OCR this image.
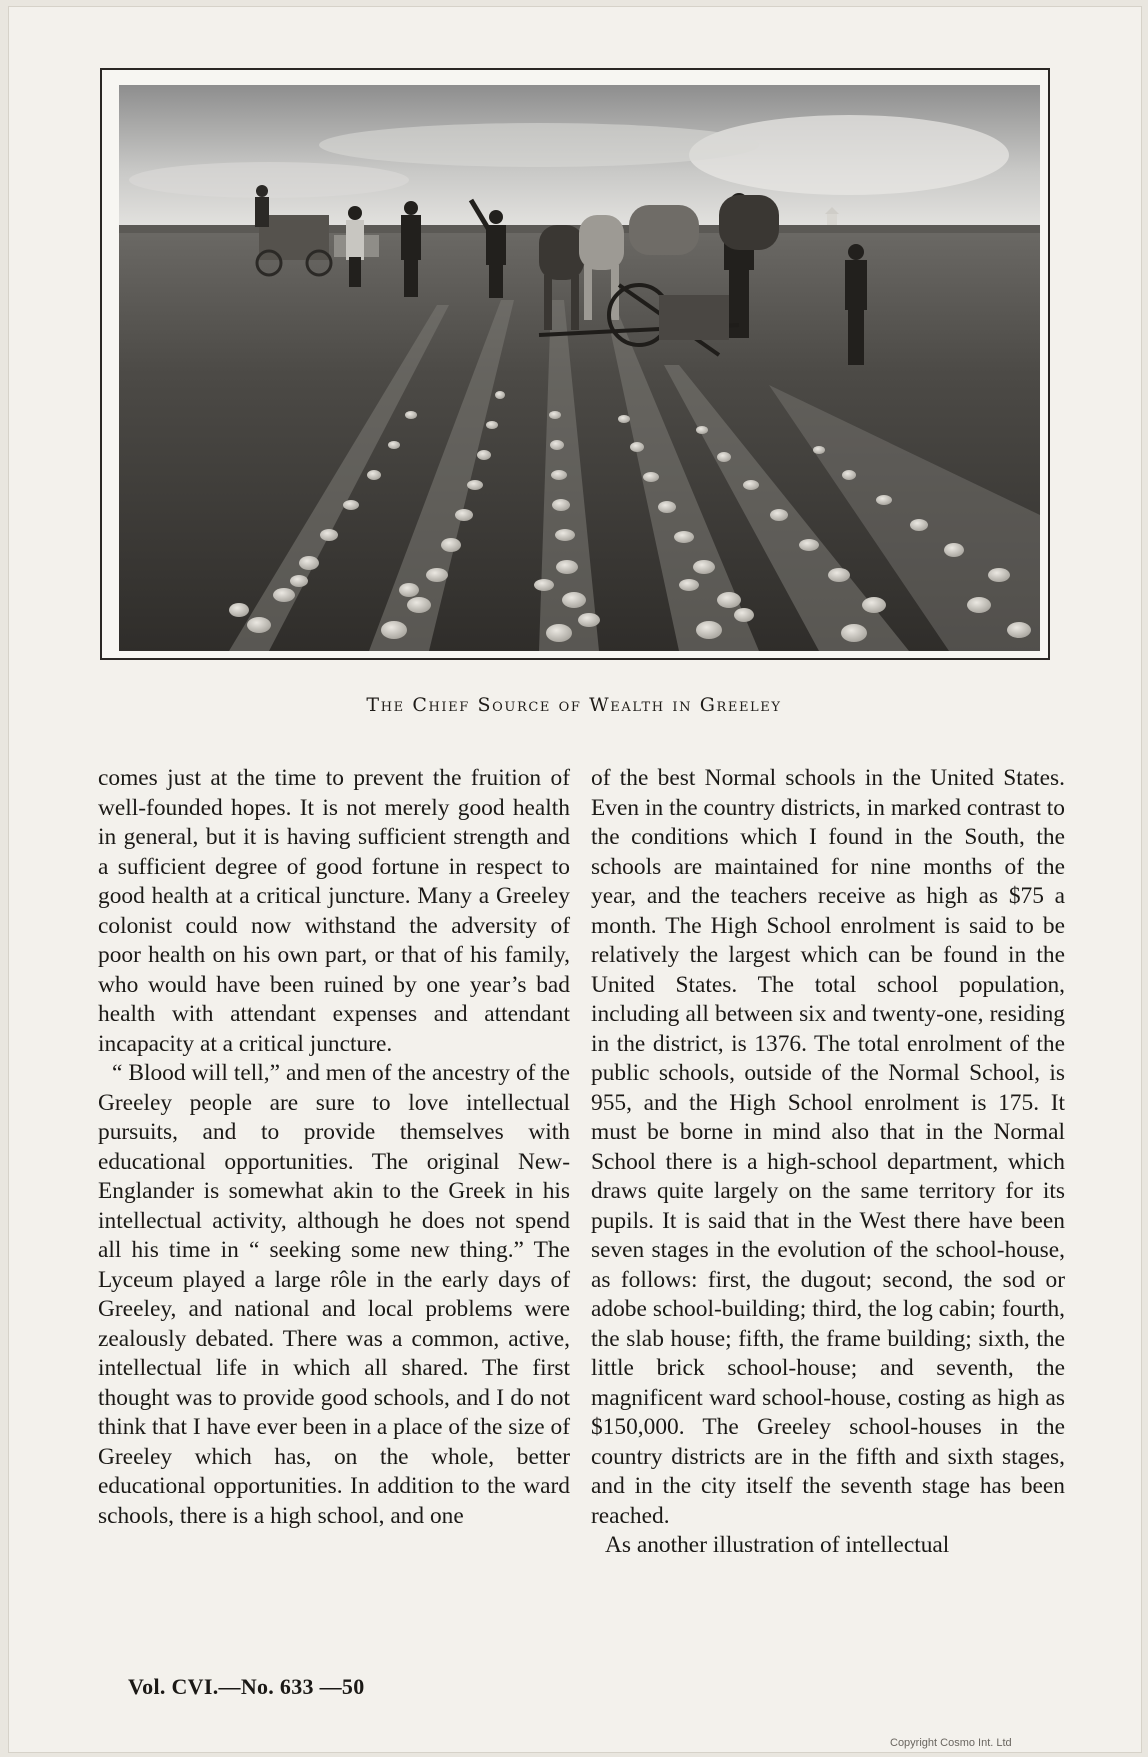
The Chief Source of Wealth in Greeley

comes just at the time to prevent the fruition of well-founded hopes. It is not merely good health in general, but it is having sufficient strength and a sufficient degree of good fortune in respect to good health at a critical juncture. Many a Greeley colonist could now withstand the adversity of poor health on his own part, or that of his family, who would have been ruined by one year’s bad health with attendant expenses and attendant incapacity at a critical juncture.

“ Blood will tell,” and men of the ancestry of the Greeley people are sure to love intellectual pursuits, and to provide themselves with educational opportunities. The original New-Englander is somewhat akin to the Greek in his intellectual activity, although he does not spend all his time in “ seeking some new thing.” The Lyceum played a large rôle in the early days of Greeley, and national and local problems were zealously debated. There was a common, active, intellectual life in which all shared. The first thought was to provide good schools, and I do not think that I have ever been in a place of the size of Greeley which has, on the whole, better educational opportunities. In addition to the ward schools, there is a high school, and one

of the best Normal schools in the United States. Even in the country districts, in marked contrast to the conditions which I found in the South, the schools are maintained for nine months of the year, and the teachers receive as high as $75 a month. The High School enrolment is said to be relatively the largest which can be found in the United States. The total school population, including all between six and twenty-one, residing in the district, is 1376. The total enrolment of the public schools, outside of the Normal School, is 955, and the High School enrolment is 175. It must be borne in mind also that in the Normal School there is a high-school department, which draws quite largely on the same territory for its pupils. It is said that in the West there have been seven stages in the evolution of the school-house, as follows: first, the dugout; second, the sod or adobe school-building; third, the log cabin; fourth, the slab house; fifth, the frame building; sixth, the little brick school-house; and seventh, the magnificent ward school-house, costing as high as $150,000. The Greeley school-houses in the country districts are in the fifth and sixth stages, and in the city itself the seventh stage has been reached.

As another illustration of intellectual

Vol. CVI.—No. 633 —50
Copyright Cosmo Int. Ltd
